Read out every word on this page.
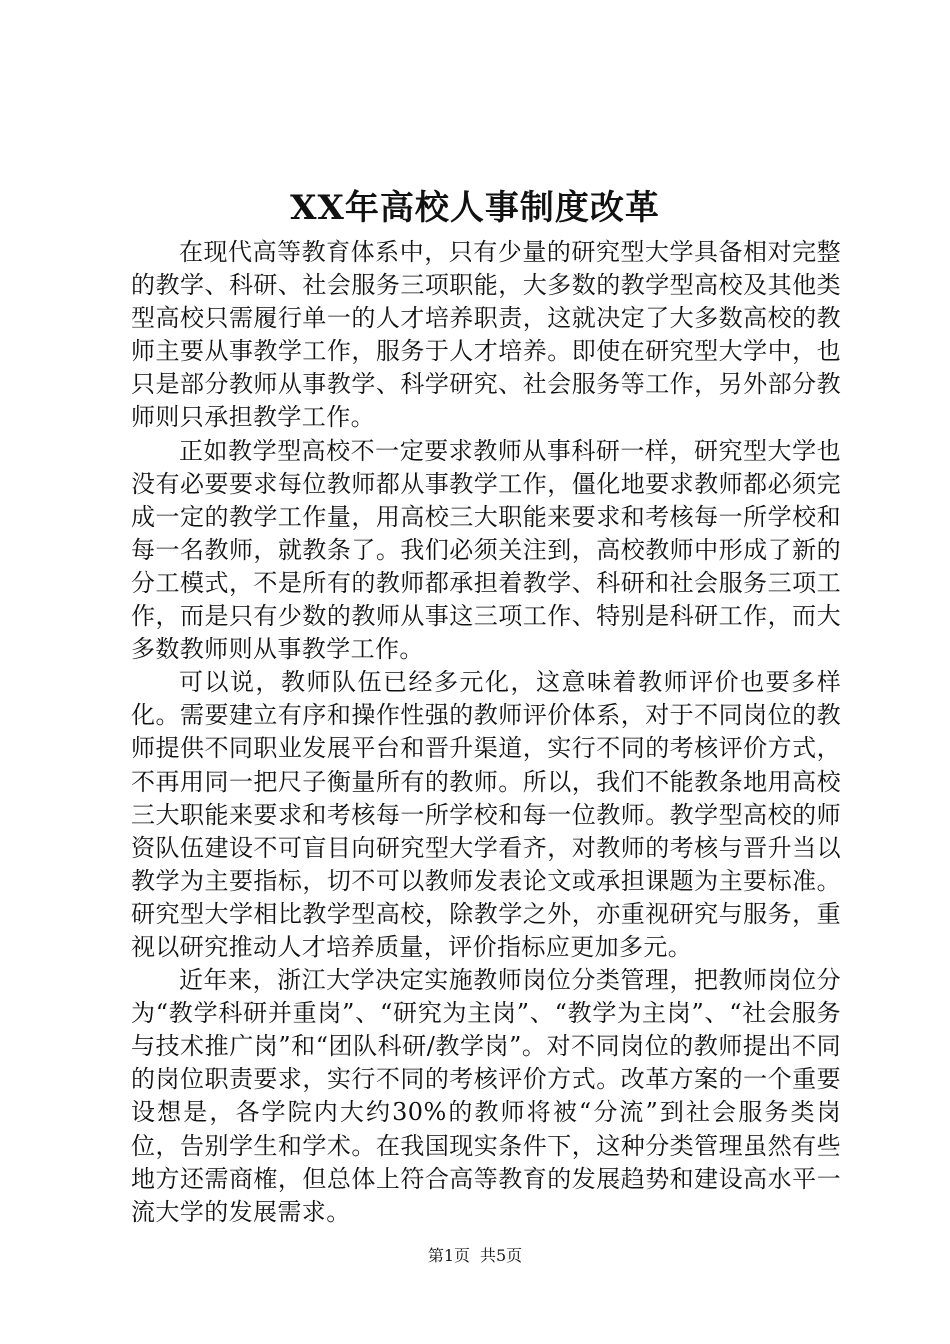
XX年高校人事制度改革

在现代高等教育体系中，只有少量的研究型大学具备相对完整的教学、科研、社会服务三项职能，大多数的教学型高校及其他类型高校只需履行单一的人才培养职责，这就决定了大多数高校的教师主要从事教学工作，服务于人才培养。即使在研究型大学中，也只是部分教师从事教学、科学研究、社会服务等工作，另外部分教师则只承担教学工作。

正如教学型高校不一定要求教师从事科研一样，研究型大学也没有必要要求每位教师都从事教学工作，僵化地要求教师都必须完成一定的教学工作量，用高校三大职能来要求和考核每一所学校和每一名教师，就教条了。我们必须关注到，高校教师中形成了新的分工模式，不是所有的教师都承担着教学、科研和社会服务三项工作，而是只有少数的教师从事这三项工作、特别是科研工作，而大多数教师则从事教学工作。

可以说，教师队伍已经多元化，这意味着教师评价也要多样化。需要建立有序和操作性强的教师评价体系，对于不同岗位的教师提供不同职业发展平台和晋升渠道，实行不同的考核评价方式，不再用同一把尺子衡量所有的教师。所以，我们不能教条地用高校三大职能来要求和考核每一所学校和每一位教师。教学型高校的师资队伍建设不可盲目向研究型大学看齐，对教师的考核与晋升当以教学为主要指标，切不可以教师发表论文或承担课题为主要标准。研究型大学相比教学型高校，除教学之外，亦重视研究与服务，重视以研究推动人才培养质量，评价指标应更加多元。

近年来，浙江大学决定实施教师岗位分类管理，把教师岗位分为“教学科研并重岗”、“研究为主岗”、“教学为主岗”、“社会服务与技术推广岗”和“团队科研/教学岗”。对不同岗位的教师提出不同的岗位职责要求，实行不同的考核评价方式。改革方案的一个重要设想是，各学院内大约30%的教师将被“分流”到社会服务类岗位，告别学生和学术。在我国现实条件下，这种分类管理虽然有些地方还需商榷，但总体上符合高等教育的发展趋势和建设高水平一流大学的发展需求。

第1页 共5页
